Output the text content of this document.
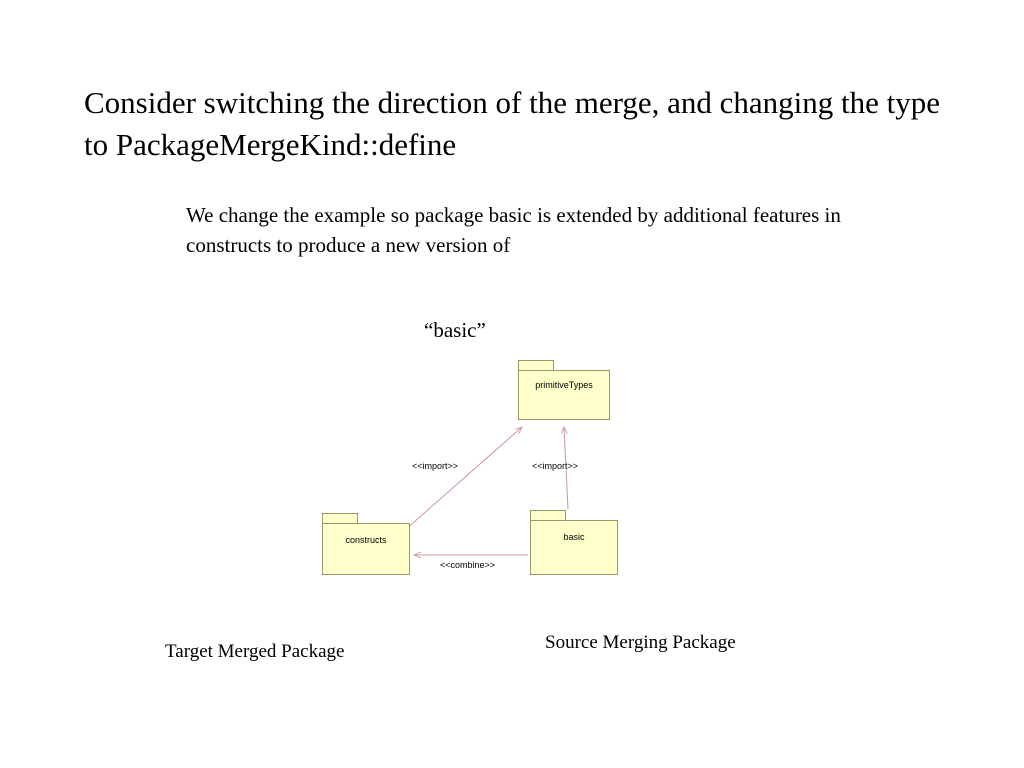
Consider switching the direction of the merge, and changing the type to PackageMergeKind::define
We change the example so package basic is extended by additional features in constructs to produce a new version of
“basic”
primitiveTypes
constructs	basic
<<import>>	<<import>>
<<combine>>
Target Merged Package	Source Merging Package
